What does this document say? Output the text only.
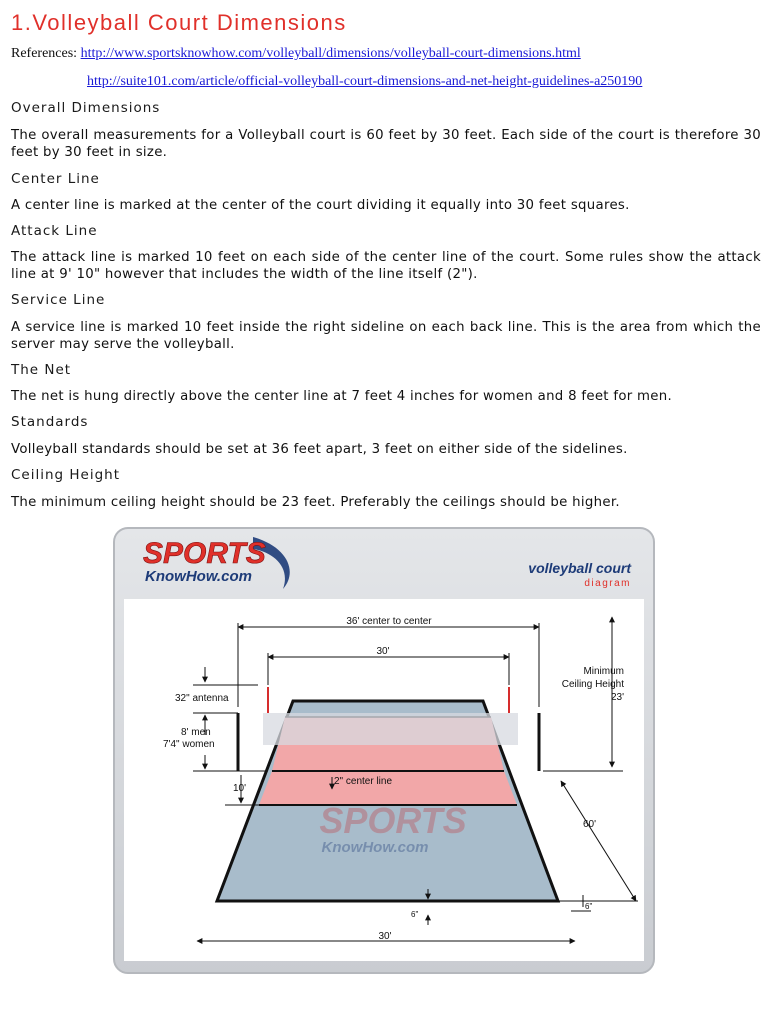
1.Volleyball Court Dimensions
References: http://www.sportsknowhow.com/volleyball/dimensions/volleyball-court-dimensions.html
http://suite101.com/article/official-volleyball-court-dimensions-and-net-height-guidelines-a250190
Overall Dimensions

The overall measurements for a Volleyball court is 60 feet by 30 feet. Each side of the court is therefore 30 feet by 30 feet in size.

Center Line

A center line is marked at the center of the court dividing it equally into 30 feet squares.

Attack Line

The attack line is marked 10 feet on each side of the center line of the court. Some rules show the attack line at 9' 10" however that includes the width of the line itself (2").

Service Line

A service line is marked 10 feet inside the right sideline on each back line. This is the area from which the server may serve the volleyball.

The Net

The net is hung directly above the center line at 7 feet 4 inches for women and 8 feet for men.

Standards

Volleyball standards should be set at 36 feet apart, 3 feet on either side of the sidelines.

Ceiling Height

The minimum ceiling height should be 23 feet. Preferably the ceilings should be higher.

SPORTS
KnowHow.com	volleyball court
diagram
SPORTS
KnowHow.com
36' center to center
30'
32" antenna
8' men
7'4" women
10'
2" center line
Minimum
Ceiling Height
23'
60'
6"
6"
30'
